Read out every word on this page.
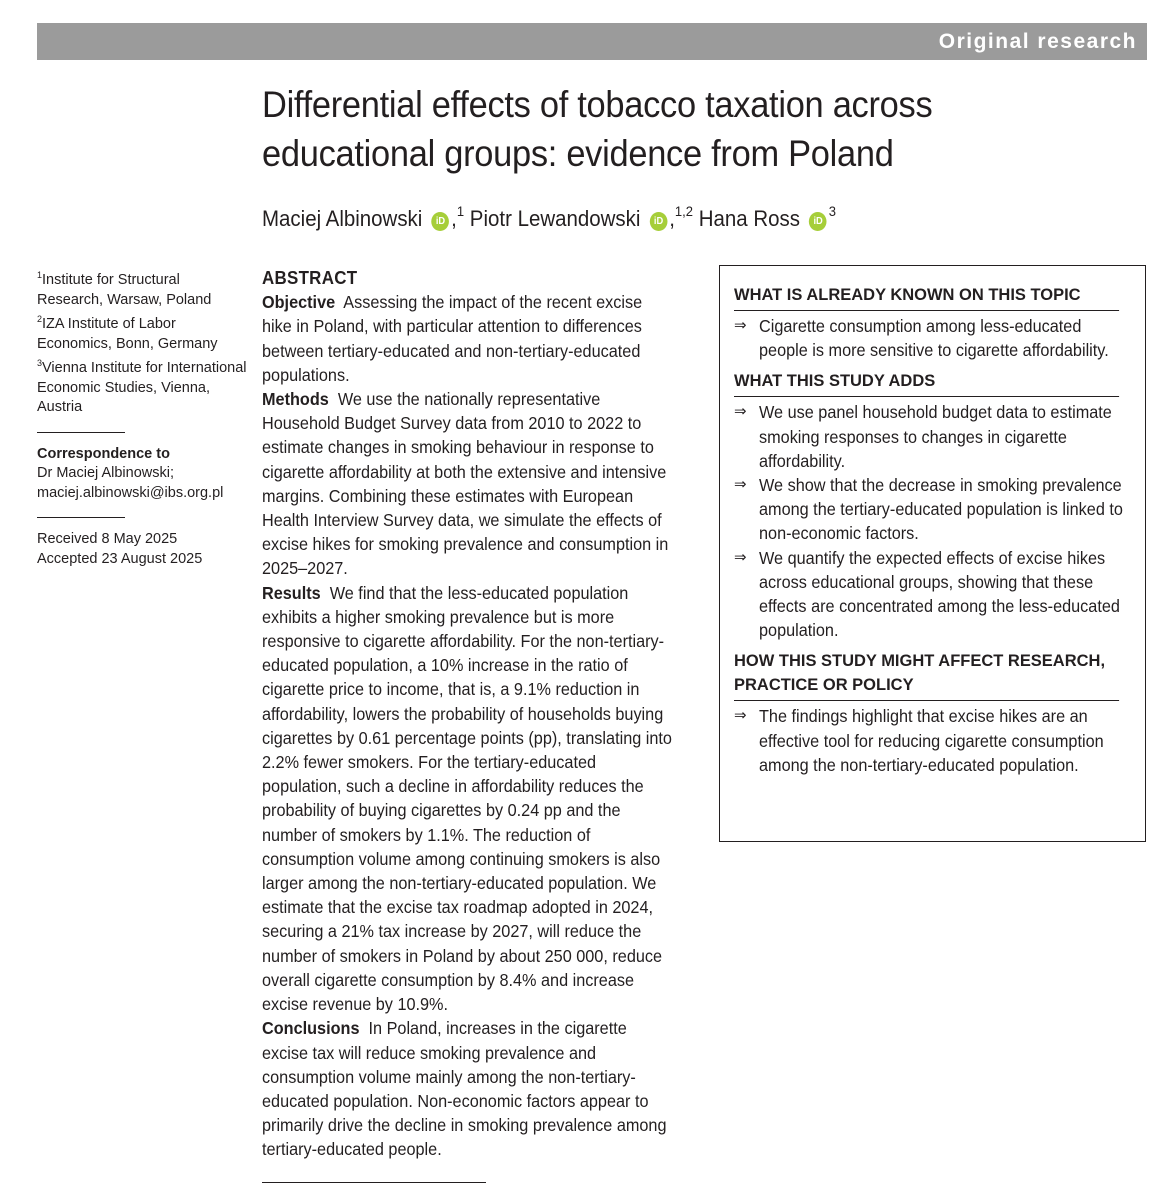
Original research
Differential effects of tobacco taxation across
educational groups: evidence from Poland
Maciej Albinowski iD ,$^1$ Piotr Lewandowski iD ,$^{1,2}$ Hana Ross $iD^3$
$^1$Institute for Structural Research, Warsaw, Poland
$^2$IZA Institute of Labor Economics, Bonn, Germany
$^3$Vienna Institute for International Economic Studies, Vienna, Austria
Correspondence to
Dr Maciej Albinowski;
maciej.albinowski@ibs.org.pl
Received 8 May 2025
Accepted 23 August 2025
ABSTRACT

Objective Assessing the impact of the recent excise hike in Poland, with particular attention to differences between tertiary-educated and non-tertiary-educated populations.

Methods We use the nationally representative Household Budget Survey data from 2010 to 2022 to estimate changes in smoking behaviour in response to cigarette affordability at both the extensive and intensive margins. Combining these estimates with European Health Interview Survey data, we simulate the effects of excise hikes for smoking prevalence and consumption in 2025–2027.

Results We find that the less-educated population exhibits a higher smoking prevalence but is more responsive to cigarette affordability. For the non-tertiary-educated population, a 10% increase in the ratio of cigarette price to income, that is, a 9.1% reduction in affordability, lowers the probability of households buying cigarettes by 0.61 percentage points (pp), translating into 2.2% fewer smokers. For the tertiary-educated population, such a decline in affordability reduces the probability of buying cigarettes by 0.24 pp and the number of smokers by 1.1%. The reduction of consumption volume among continuing smokers is also larger among the non-tertiary-educated population. We estimate that the excise tax roadmap adopted in 2024, securing a 21% tax increase by 2027, will reduce the number of smokers in Poland by about 250 000, reduce overall cigarette consumption by 8.4% and increase excise revenue by 10.9%.

Conclusions In Poland, increases in the cigarette excise tax will reduce smoking prevalence and consumption volume mainly among the non-tertiary-educated population. Non-economic factors appear to primarily drive the decline in smoking prevalence among tertiary-educated people.

WHAT IS ALREADY KNOWN ON THIS TOPIC
⇒ Cigarette consumption among less-educated people is more sensitive to cigarette affordability.
WHAT THIS STUDY ADDS
⇒ We use panel household budget data to estimate smoking responses to changes in cigarette affordability.
⇒ We show that the decrease in smoking prevalence among the tertiary-educated population is linked to non-economic factors.
⇒ We quantify the expected effects of excise hikes across educational groups, showing that these effects are concentrated among the less-educated population.
HOW THIS STUDY MIGHT AFFECT RESEARCH, PRACTICE OR POLICY
⇒ The findings highlight that excise hikes are an effective tool for reducing cigarette consumption among the non-tertiary-educated population.
